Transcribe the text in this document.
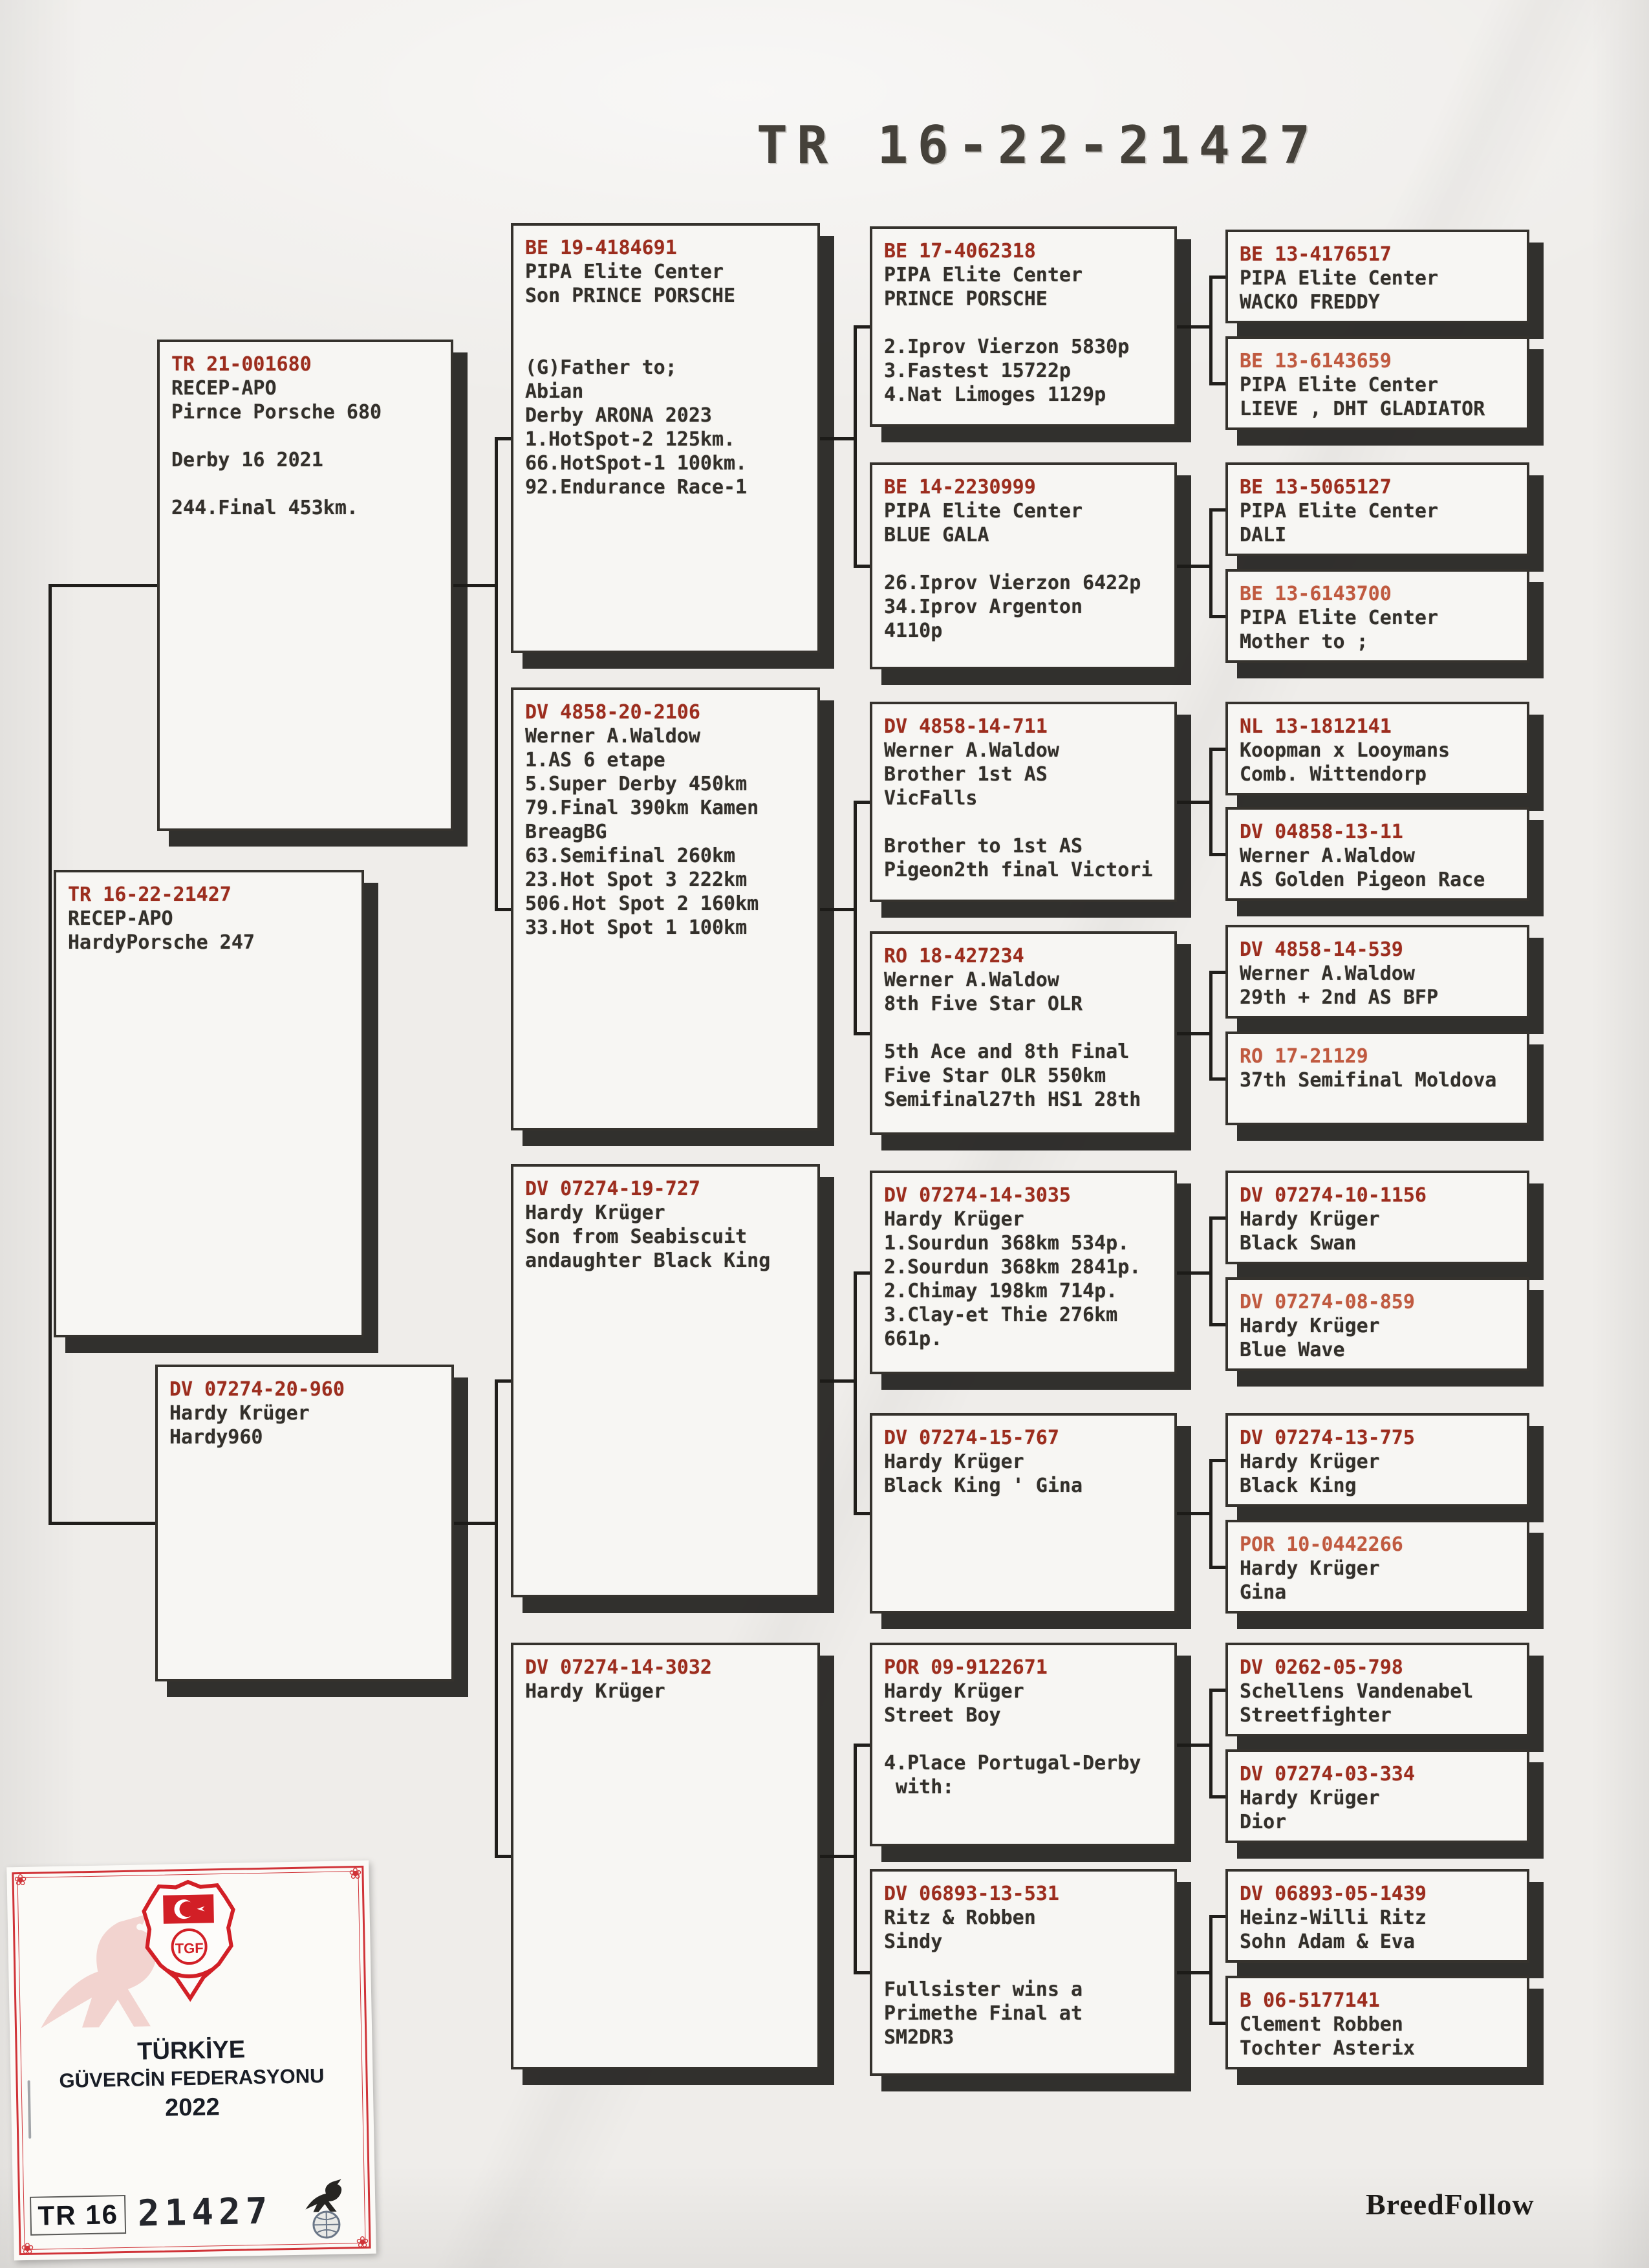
TR 16-22-21427
TR 21-001680
RECEP-APO
Pirnce Porsche 680

Derby 16 2021

244.Final 453km.
TR 16-22-21427
RECEP-APO
HardyPorsche 247
DV 07274-20-960
Hardy Krüger
Hardy960
BE 19-4184691
PIPA Elite Center
Son PRINCE PORSCHE

(G)Father to;
Abian
Derby ARONA 2023
1.HotSpot-2 125km.
66.HotSpot-1 100km.
92.Endurance Race-1
DV 4858-20-2106
Werner A.Waldow
1.AS 6 etape
5.Super Derby 450km
79.Final 390km Kamen
BreagBG
63.Semifinal 260km
23.Hot Spot 3 222km
506.Hot Spot 2 160km
33.Hot Spot 1 100km
DV 07274-19-727
Hardy Krüger
Son from Seabiscuit
andaughter Black King
DV 07274-14-3032
Hardy Krüger
BE 17-4062318
PIPA Elite Center
PRINCE PORSCHE

2.Iprov Vierzon 5830p
3.Fastest 15722p
4.Nat Limoges 1129p
BE 14-2230999
PIPA Elite Center
BLUE GALA

26.Iprov Vierzon 6422p
34.Iprov Argenton
4110p
DV 4858-14-711
Werner A.Waldow
Brother 1st AS
VicFalls

Brother to 1st AS
Pigeon2th final Victori
RO 18-427234
Werner A.Waldow
8th Five Star OLR

5th Ace and 8th Final
Five Star OLR 550km
Semifinal27th HS1 28th
DV 07274-14-3035
Hardy Krüger
1.Sourdun 368km 534p.
2.Sourdun 368km 2841p.
2.Chimay 198km 714p.
3.Clay-et Thie 276km
661p.
DV 07274-15-767
Hardy Krüger
Black King ' Gina
POR 09-9122671
Hardy Krüger
Street Boy

4.Place Portugal-Derby
with:
DV 06893-13-531
Ritz & Robben
Sindy

Fullsister wins a
Primethe Final at
SM2DR3
BE 13-4176517
PIPA Elite Center
WACKO FREDDY
BE 13-6143659
PIPA Elite Center
LIEVE , DHT GLADIATOR
BE 13-5065127
PIPA Elite Center
DALI
BE 13-6143700
PIPA Elite Center
Mother to ;
NL 13-1812141
Koopman x Looymans
Comb. Wittendorp
DV 04858-13-11
Werner A.Waldow
AS Golden Pigeon Race
DV 4858-14-539
Werner A.Waldow
29th + 2nd AS BFP
RO 17-21129
37th Semifinal Moldova
DV 07274-10-1156
Hardy Krüger
Black Swan
DV 07274-08-859
Hardy Krüger
Blue Wave
DV 07274-13-775
Hardy Krüger
Black King
POR 10-0442266
Hardy Krüger
Gina
DV 0262-05-798
Schellens Vandenabel
Streetfighter
DV 07274-03-334
Hardy Krüger
Dior
DV 06893-05-1439
Heinz-Willi Ritz
Sohn Adam & Eva
B 06-5177141
Clement Robben
Tochter Asterix
❀	❀
❀	❀
TGF
TÜRKİYE
GÜVERCİN FEDERASYONU
2022
TR 16 21427	BreedFollow
